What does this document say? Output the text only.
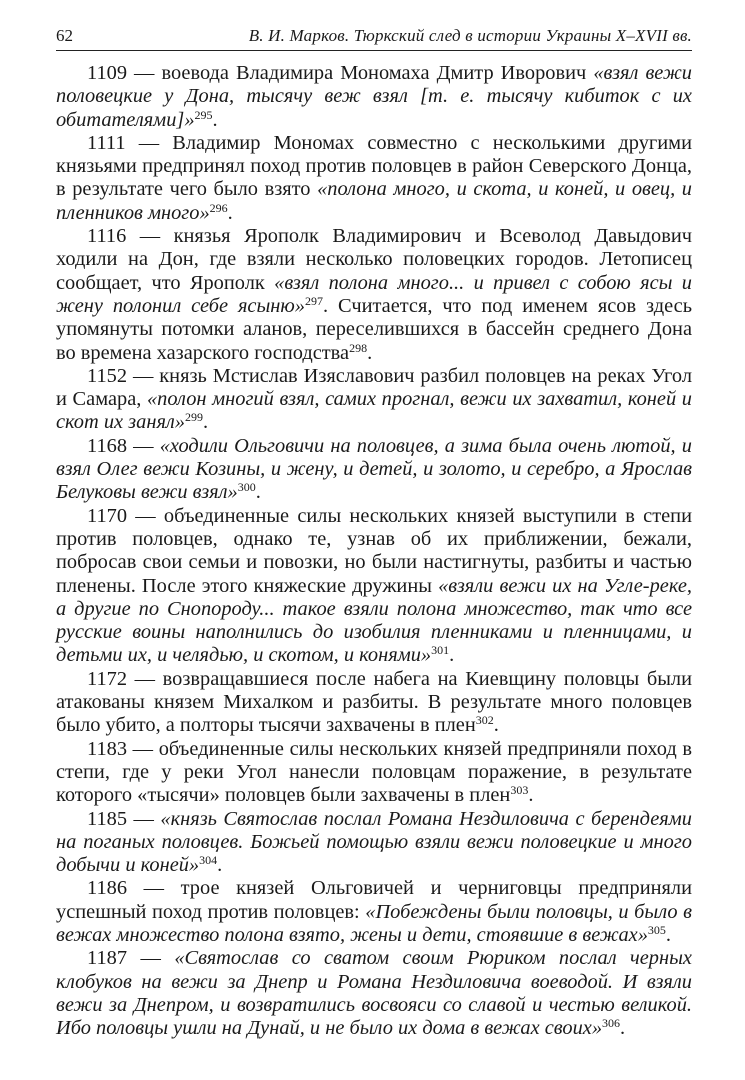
62	В. И. Марков. Тюркский след в истории Украины X–XVII вв.

1109 — воевода Владимира Мономаха Дмитр Иворович «взял вежи половецкие у Дона, тысячу веж взял [т. е. тысячу кибиток с их обитателями]»$^{295}$.

1111 — Владимир Мономах совместно с несколькими другими князьями предпринял поход против половцев в район Северского Донца, в результате чего было взято «полона много, и скота, и коней, и овец, и пленников много»$^{296}$.

1116 — князья Ярополк Владимирович и Всеволод Давыдович ходили на Дон, где взяли несколько половецких городов. Летописец сообщает, что Ярополк «взял полона много... и привел с собою ясы и жену полонил себе ясыню»$^{297}$. Считается, что под именем ясов здесь упомянуты потомки аланов, переселившихся в бассейн среднего Дона во времена хазарского господства$^{298}$.

1152 — князь Мстислав Изяславович разбил половцев на реках Угол и Самара, «полон многий взял, самих прогнал, вежи их захватил, коней и скот их занял»$^{299}$.

1168 — «ходили Ольговичи на половцев, а зима была очень лютой, и взял Олег вежи Козины, и жену, и детей, и золото, и серебро, а Ярослав Белуковы вежи взял»$^{300}$.

1170 — объединенные силы нескольких князей выступили в степи против половцев, однако те, узнав об их приближении, бежали, побросав свои семьи и повозки, но были настигнуты, разбиты и частью пленены. После этого княжеские дружины «взяли вежи их на Угле-реке, а другие по Снопороду... такое взяли полона множество, так что все русские воины наполнились до изобилия пленниками и пленницами, и детьми их, и челядью, и скотом, и конями»$^{301}$.

1172 — возвращавшиеся после набега на Киевщину половцы были атакованы князем Михалком и разбиты. В результате много половцев было убито, а полторы тысячи захвачены в плен$^{302}$.

1183 — объединенные силы нескольких князей предприняли поход в степи, где у реки Угол нанесли половцам поражение, в результате которого «тысячи» половцев были захвачены в плен$^{303}$.

1185 — «князь Святослав послал Романа Нездиловича с берендеями на поганых половцев. Божьей помощью взяли вежи половецкие и много добычи и коней»$^{304}$.

1186 — трое князей Ольговичей и черниговцы предприняли успешный поход против половцев: «Побеждены были половцы, и было в вежах множество полона взято, жены и дети, стоявшие в вежах»$^{305}$.

1187 — «Святослав со сватом своим Рюриком послал черных клобуков на вежи за Днепр и Романа Нездиловича воеводой. И взяли вежи за Днепром, и возвратились восвояси со славой и честью великой. Ибо половцы ушли на Дунай, и не было их дома в вежах своих»$^{306}$.
